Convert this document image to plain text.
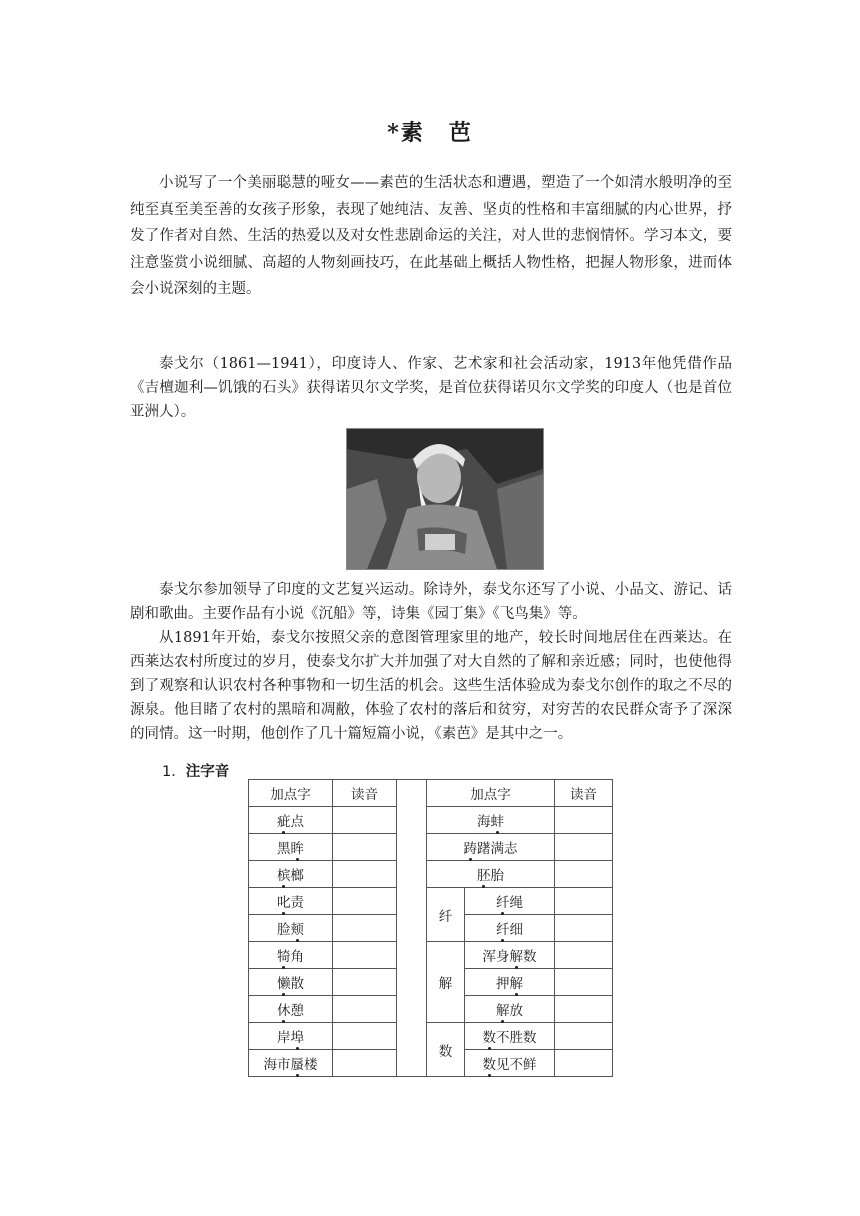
*素　芭

小说写了一个美丽聪慧的哑女——素芭的生活状态和遭遇，塑造了一个如清水般明净的至纯至真至美至善的女孩子形象，表现了她纯洁、友善、坚贞的性格和丰富细腻的内心世界，抒发了作者对自然、生活的热爱以及对女性悲剧命运的关注，对人世的悲悯情怀。学习本文，要注意鉴赏小说细腻、高超的人物刻画技巧，在此基础上概括人物性格，把握人物形象，进而体会小说深刻的主题。

泰戈尔（1861—1941），印度诗人、作家、艺术家和社会活动家，1913年他凭借作品《吉檀迦利—饥饿的石头》获得诺贝尔文学奖，是首位获得诺贝尔文学奖的印度人（也是首位亚洲人）。

泰戈尔参加领导了印度的文艺复兴运动。除诗外，泰戈尔还写了小说、小品文、游记、话剧和歌曲。主要作品有小说《沉船》等，诗集《园丁集》《飞鸟集》等。

从1891年开始，泰戈尔按照父亲的意图管理家里的地产，较长时间地居住在西莱达。在西莱达农村所度过的岁月，使泰戈尔扩大并加强了对大自然的了解和亲近感；同时，也使他得到了观察和认识农村各种事物和一切生活的机会。这些生活体验成为泰戈尔创作的取之不尽的源泉。他目睹了农村的黑暗和凋敝，体验了农村的落后和贫穷，对穷苦的农民群众寄予了深深的同情。这一时期，他创作了几十篇短篇小说，《素芭》是其中之一。

1．注字音
加点字	读音		加点字		读音
疵点			海蚌		
黑眸			踌躇满志		
槟榔			胚胎		
叱责			纤	纤绳	
脸颊				纤细	
犄角			解	浑身解数	
懒散				押解	
休憩				解放	
岸埠			数	数不胜数	
海市蜃楼				数见不鲜	
